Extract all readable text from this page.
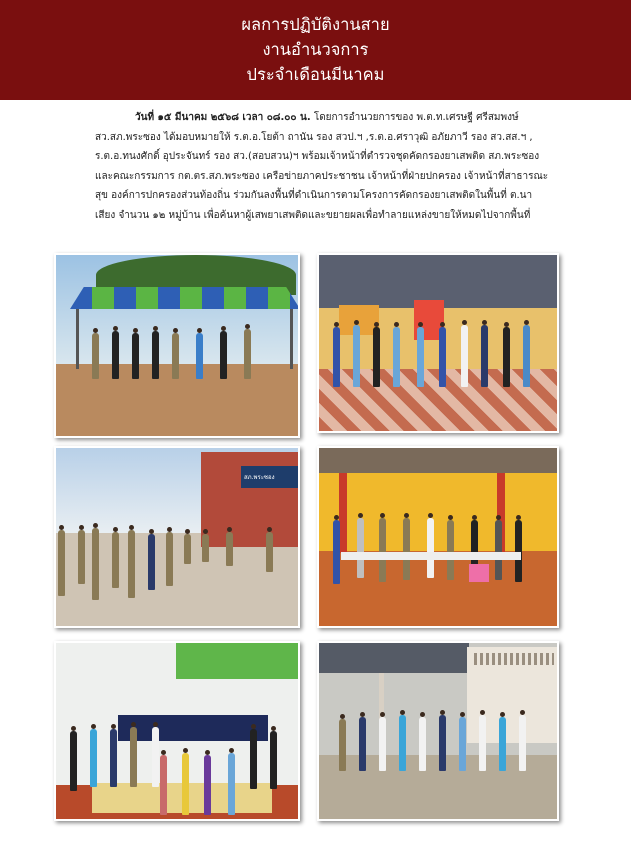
ผลการปฏิบัติงานสาย
งานอำนวจการ
ประจำเดือนมีนาคม
วันที่ ๑๕ มีนาคม ๒๕๖๘ เวลา ๐๘.๐๐ น. โดยการอำนวยการของ พ.ต.ท.เศรษฐี ศรีสมพงษ์
สว.สภ.พระซอง ได้มอบหมายให้ ร.ต.อ.โยต้า ถานัน รอง สวป.ฯ ,ร.ต.อ.ศราวุฒิ อภัยภาวี รอง สว.สส.ฯ ,
ร.ต.อ.ทนงศักดิ์ อุประจันทร์ รอง สว.(สอบสวน)ฯ พร้อมเจ้าหน้าที่ตำรวจชุดคัดกรองยาเสพติด สภ.พระซอง
และคณะกรรมการ กต.ตร.สภ.พระซอง เครือข่ายภาคประชาชน เจ้าหน้าที่ฝ่ายปกครอง เจ้าหน้าที่สาธารณะ
สุข องค์การปกครองส่วนท้องถิ่น ร่วมกันลงพื้นที่ดำเนินการตามโครงการคัดกรองยาเสพติดในพื้นที่ ต.นา
เสียง จำนวน ๑๒ หมู่บ้าน เพื่อค้นหาผู้เสพยาเสพติดและขยายผลเพื่อทำลายแหล่งขายให้หมดไปจากพื้นที่
สภ.พระซอง
